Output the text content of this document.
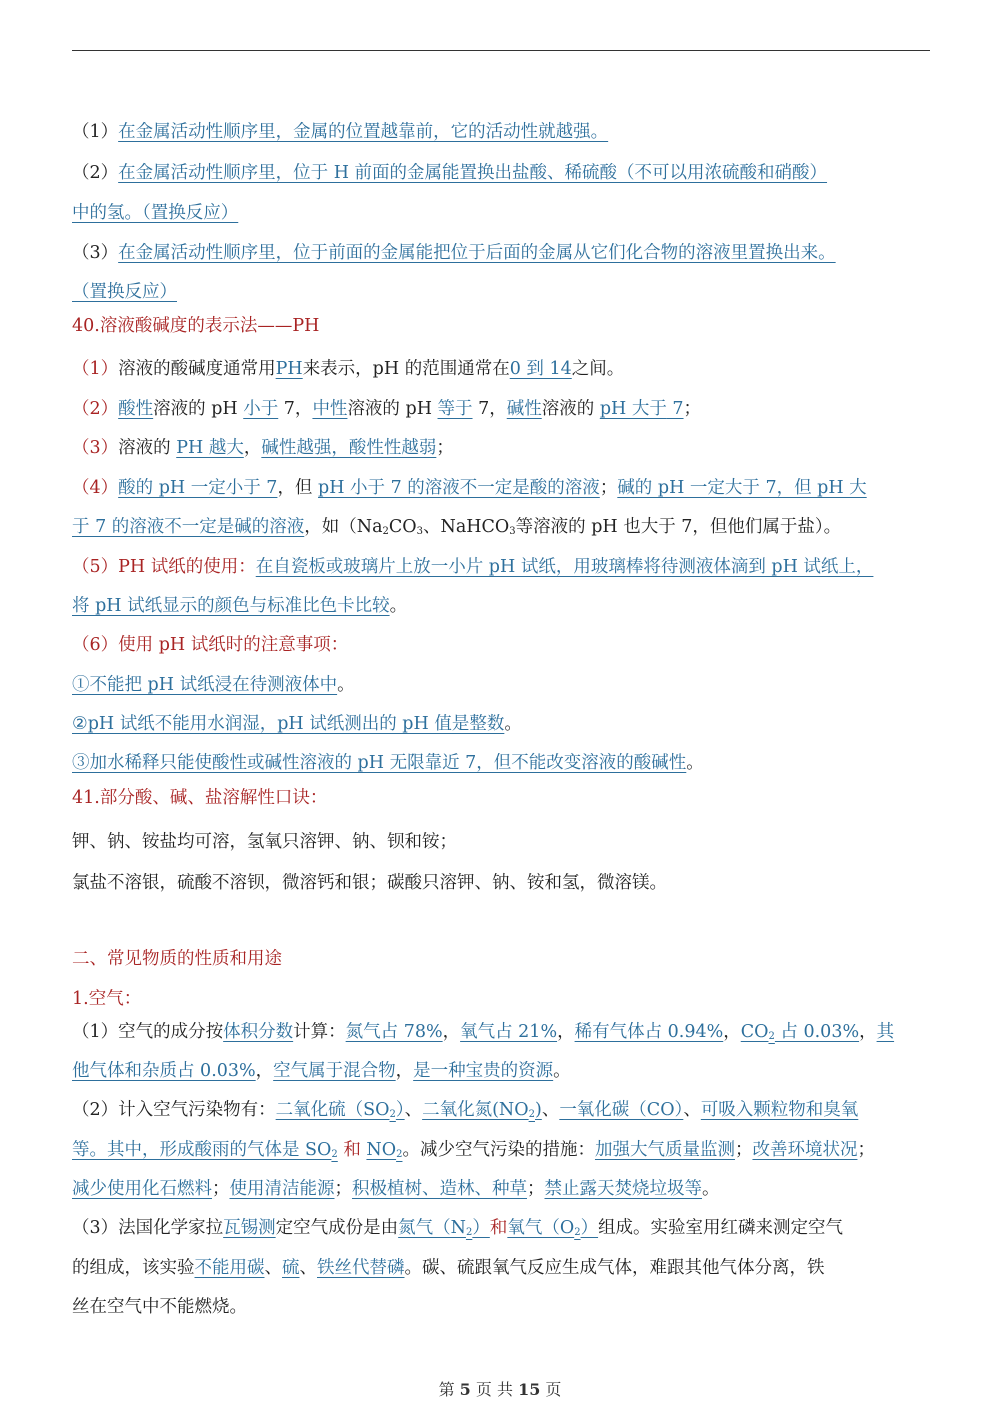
（1）在金属活动性顺序里，金属的位置越靠前，它的活动性就越强。
（2）在金属活动性顺序里，位于 H 前面的金属能置换出盐酸、稀硫酸（不可以用浓硫酸和硝酸）
中的氢。（置换反应）
（3）在金属活动性顺序里，位于前面的金属能把位于后面的金属从它们化合物的溶液里置换出来。
（置换反应）
40.溶液酸碱度的表示法——PH
（1）溶液的酸碱度通常用PH来表示，pH 的范围通常在0 到 14之间。
（2）酸性溶液的 pH 小于 7，中性溶液的 pH 等于 7，碱性溶液的 pH 大于 7；
（3）溶液的 PH 越大，碱性越强，酸性性越弱；
（4）酸的 pH 一定小于 7，但 pH 小于 7 的溶液不一定是酸的溶液；碱的 pH 一定大于 7，但 pH 大
于 7 的溶液不一定是碱的溶液，如（$Na_2CO_3$、NaHCO$_3$等溶液的 pH 也大于 7，但他们属于盐）。
（5）PH 试纸的使用：在自瓷板或玻璃片上放一小片 pH 试纸，用玻璃棒将待测液体滴到 pH 试纸上，
将 pH 试纸显示的颜色与标准比色卡比较。
（6）使用 pH 试纸时的注意事项：
①不能把 pH 试纸浸在待测液体中。
②pH 试纸不能用水润湿，pH 试纸测出的 pH 值是整数。
③加水稀释只能使酸性或碱性溶液的 pH 无限靠近 7，但不能改变溶液的酸碱性。
41.部分酸、碱、盐溶解性口诀：
钾、钠、铵盐均可溶，氢氧只溶钾、钠、钡和铵；
氯盐不溶银，硫酸不溶钡，微溶钙和银；碳酸只溶钾、钠、铵和氢，微溶镁。
二、常见物质的性质和用途
1.空气：
（1）空气的成分按体积分数计算：氮气占 78%，氧气占 21%，稀有气体占 0.94%，$CO_2$ 占 0.03%，其
他气体和杂质占 0.03%，空气属于混合物，是一种宝贵的资源。
（2）计入空气污染物有：二氧化硫$(SO_2)$、二氧化氮$(NO_2)$、一氧化碳（CO）、可吸入颗粒物和臭氧
等。其中，形成酸雨的气体是 $SO_2$ 和 $NO_2$。减少空气污染的措施：加强大气质量监测；改善环境状况；
减少使用化石燃料；使用清洁能源；积极植树、造林、种草；禁止露天焚烧垃圾等。
（3）法国化学家拉瓦锡测定空气成份是由氮气$(N_2)$和氧气$(O_2)$组成。实验室用红磷来测定空气
的组成，该实验不能用碳、硫、铁丝代替磷。碳、硫跟氧气反应生成气体，难跟其他气体分离，铁
丝在空气中不能燃烧。
第 5 页 共 15 页
